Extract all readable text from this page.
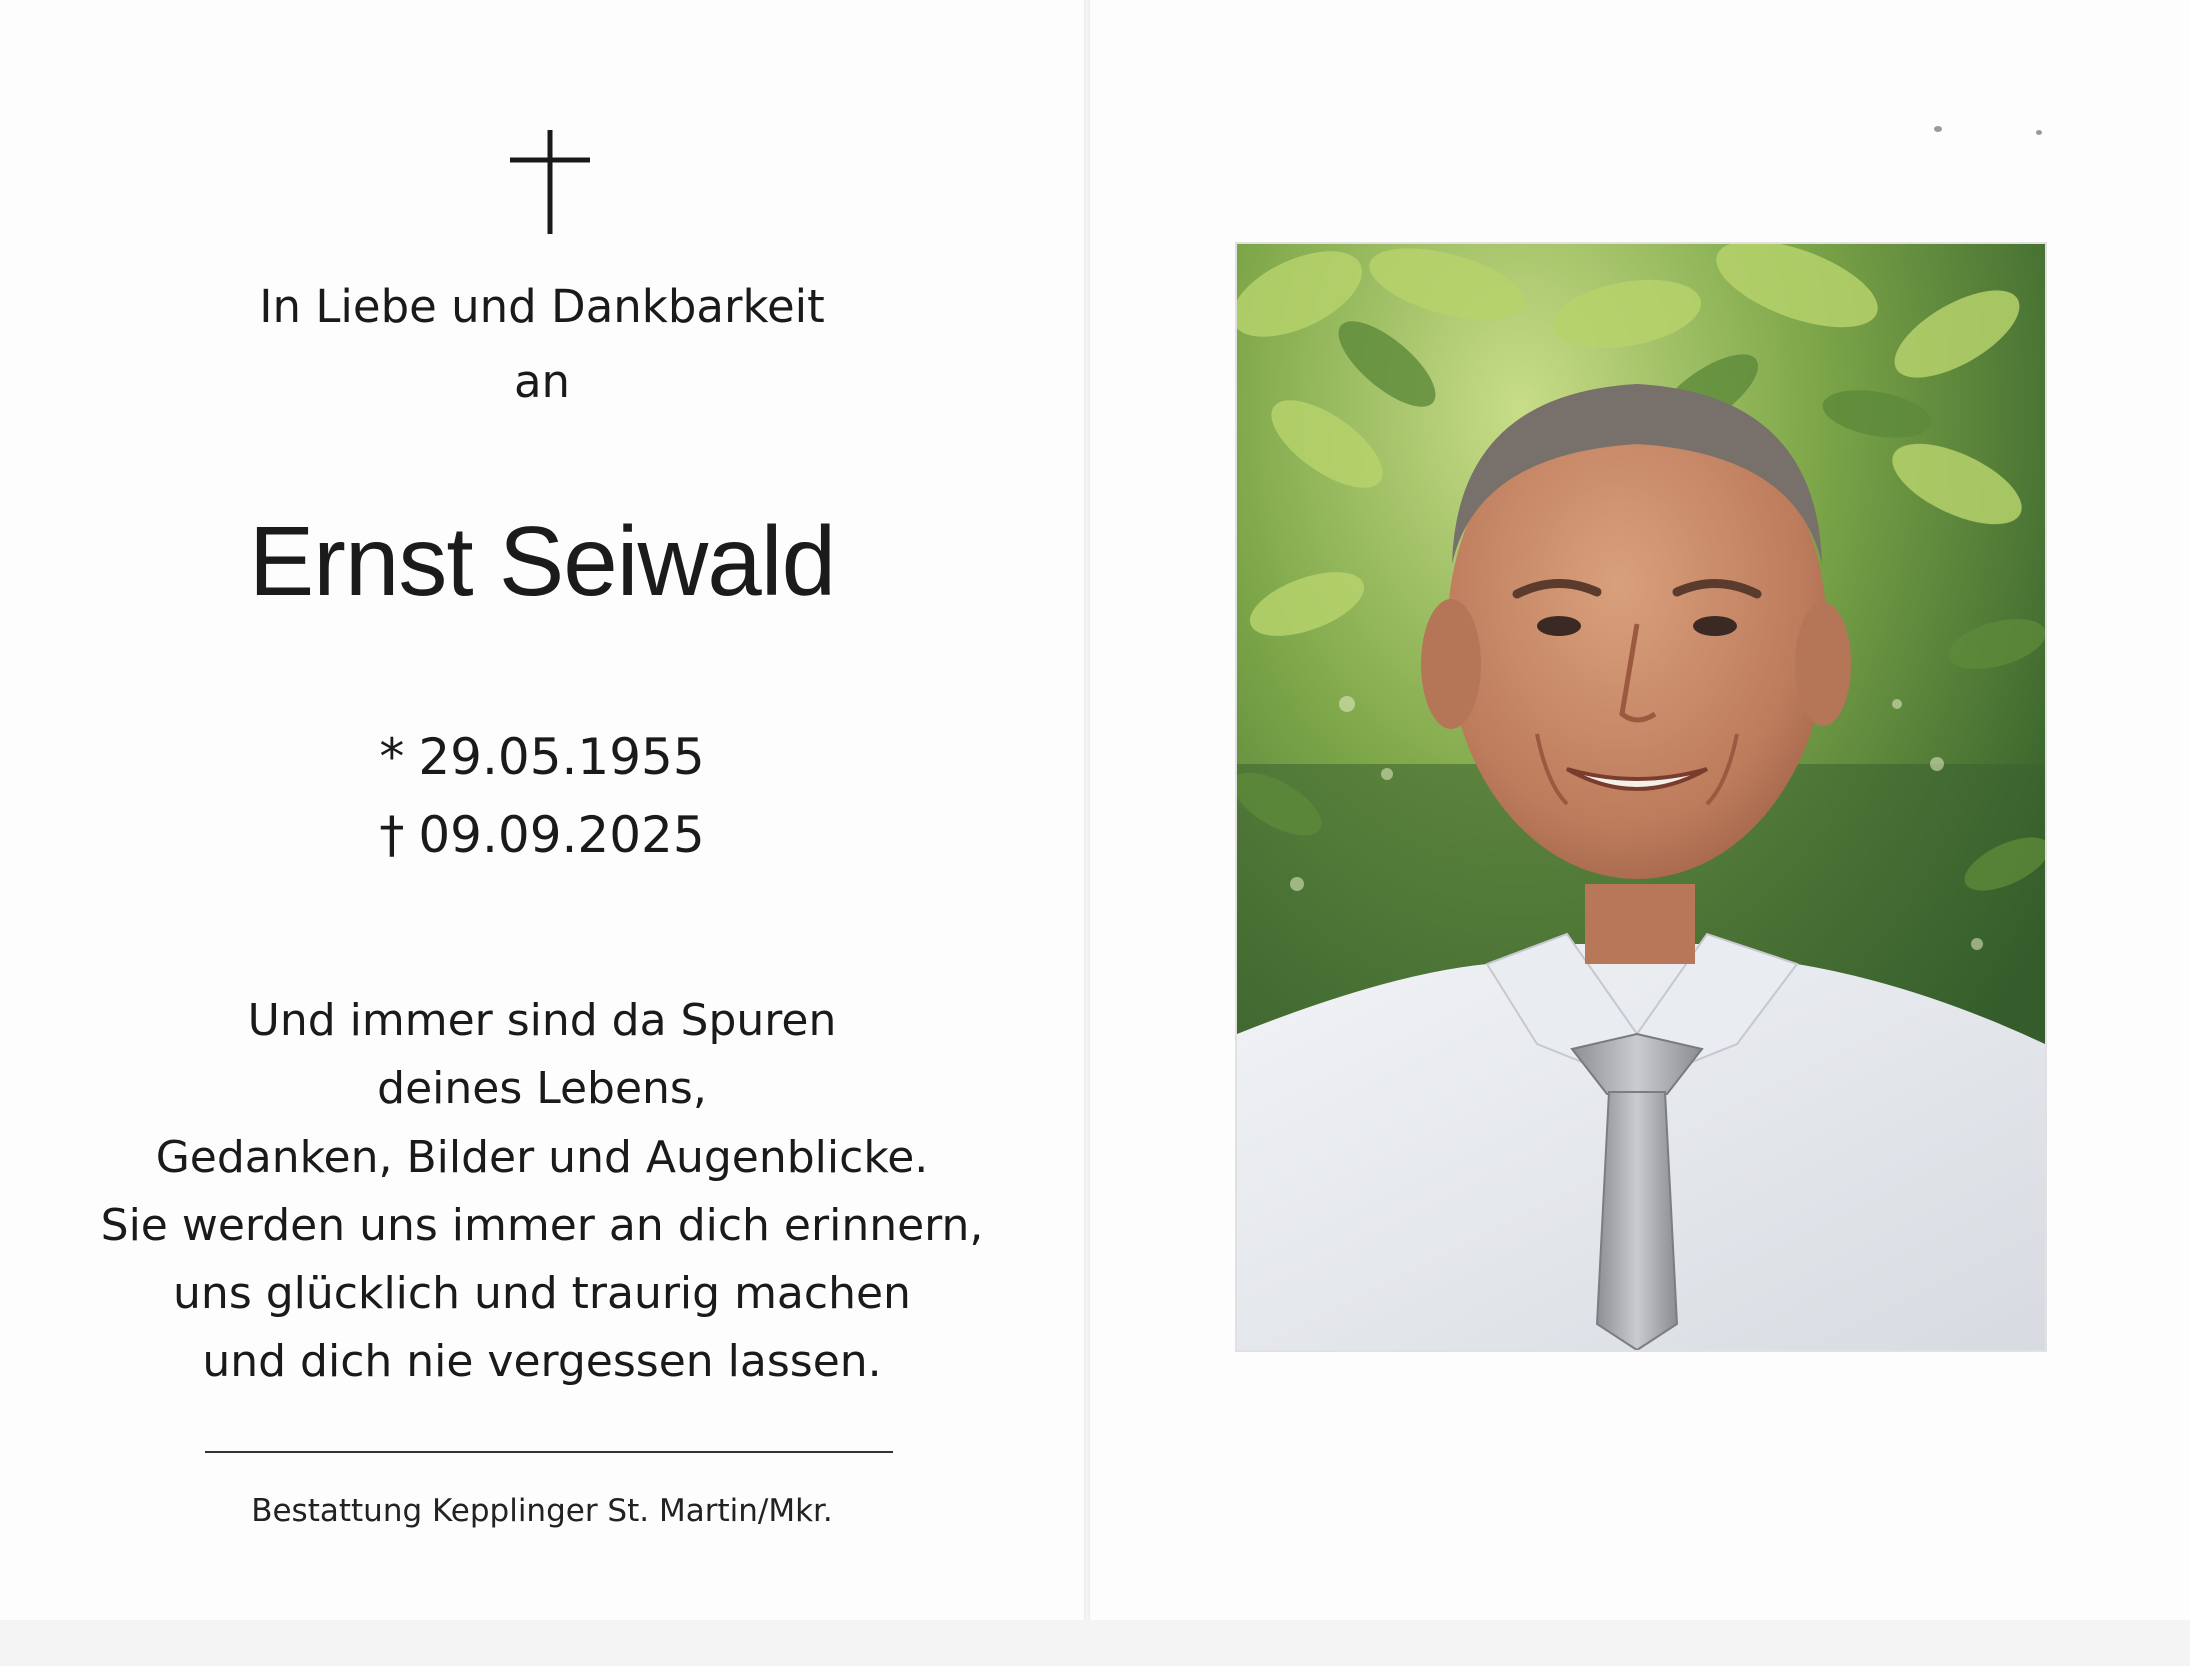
In Liebe und Dankbarkeit
an
Ernst Seiwald
* 29.05.1955
† 09.09.2025
Und immer sind da Spuren
deines Lebens,
Gedanken, Bilder und Augenblicke.
Sie werden uns immer an dich erinnern,
uns glücklich und traurig machen
und dich nie vergessen lassen.
Bestattung Kepplinger St. Martin/Mkr.
